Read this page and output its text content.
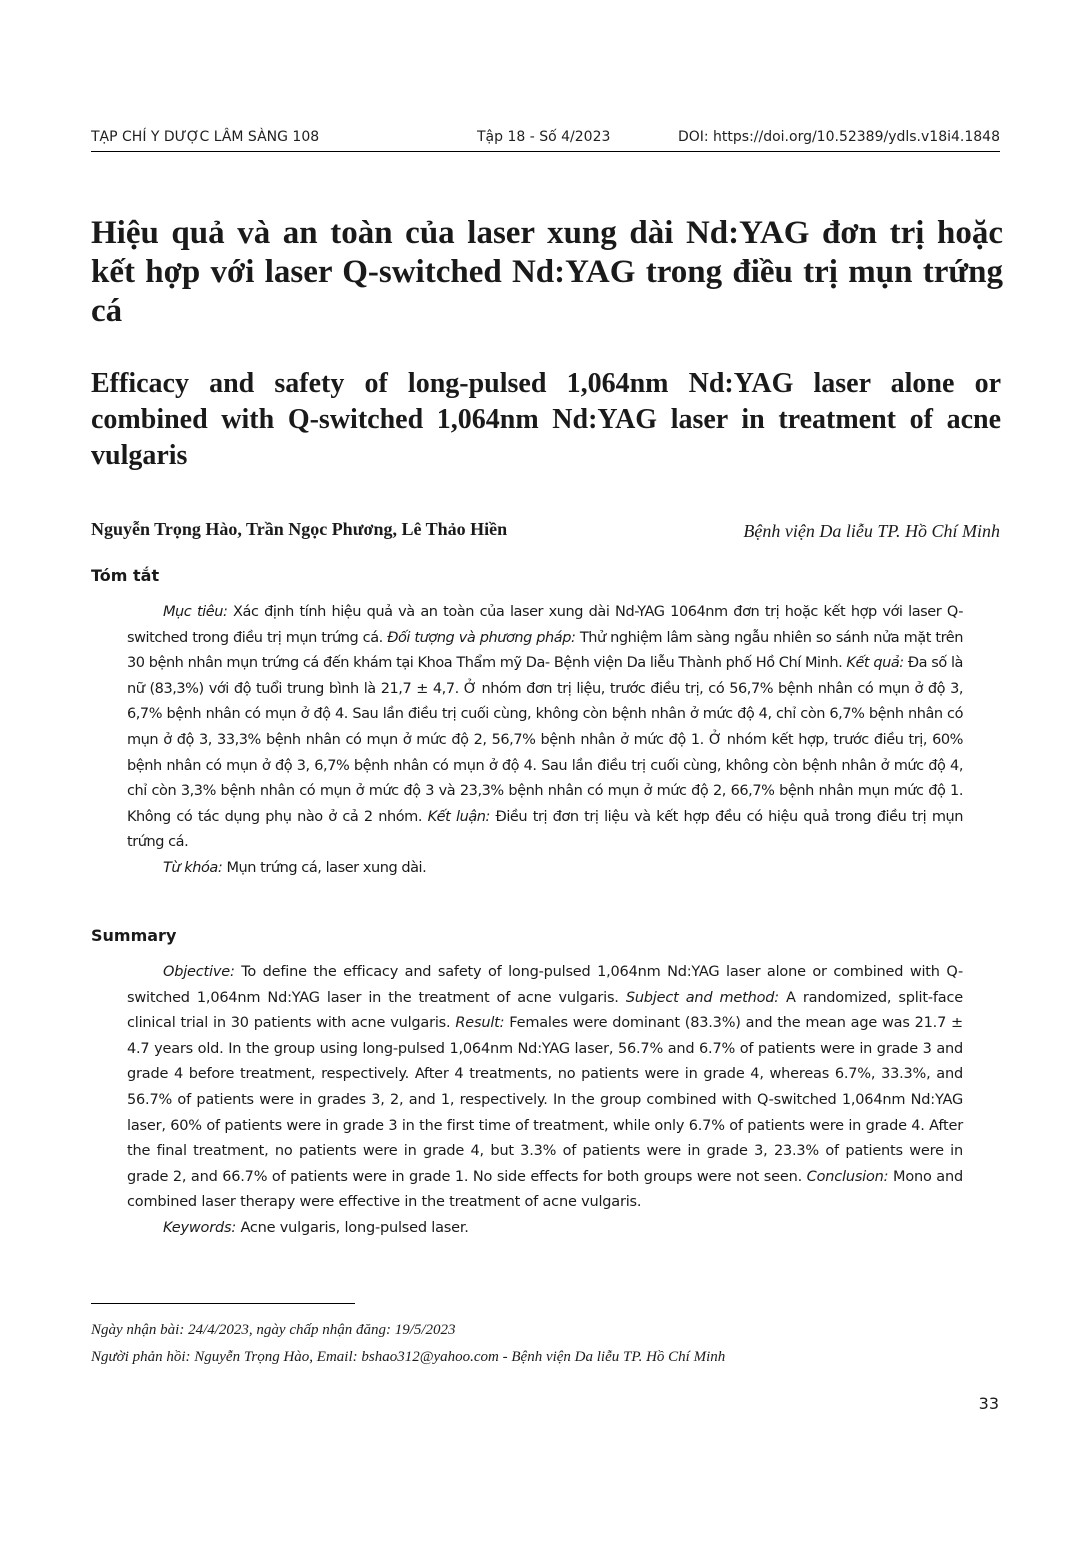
TẠP CHÍ Y DƯỢC LÂM SÀNG 108	Tập 18 - Số 4/2023	DOI: https://doi.org/10.52389/ydls.v18i4.1848
Hiệu quả và an toàn của laser xung dài Nd:YAG đơn trị hoặc kết hợp với laser Q-switched Nd:YAG trong điều trị mụn trứng cá
Efficacy and safety of long-pulsed 1,064nm Nd:YAG laser alone or combined with Q-switched 1,064nm Nd:YAG laser in treatment of acne vulgaris
Nguyễn Trọng Hào, Trần Ngọc Phương, Lê Thảo Hiền	Bệnh viện Da liễu TP. Hồ Chí Minh
Tóm tắt

Mục tiêu: Xác định tính hiệu quả và an toàn của laser xung dài Nd-YAG 1064nm đơn trị hoặc kết hợp với laser Q-switched trong điều trị mụn trứng cá. Đối tượng và phương pháp: Thử nghiệm lâm sàng ngẫu nhiên so sánh nửa mặt trên 30 bệnh nhân mụn trứng cá đến khám tại Khoa Thẩm mỹ Da- Bệnh viện Da liễu Thành phố Hồ Chí Minh. Kết quả: Đa số là nữ (83,3%) với độ tuổi trung bình là 21,7 ± 4,7. Ở nhóm đơn trị liệu, trước điều trị, có 56,7% bệnh nhân có mụn ở độ 3, 6,7% bệnh nhân có mụn ở độ 4. Sau lần điều trị cuối cùng, không còn bệnh nhân ở mức độ 4, chỉ còn 6,7% bệnh nhân có mụn ở độ 3, 33,3% bệnh nhân có mụn ở mức độ 2, 56,7% bệnh nhân ở mức độ 1. Ở nhóm kết hợp, trước điều trị, 60% bệnh nhân có mụn ở độ 3, 6,7% bệnh nhân có mụn ở độ 4. Sau lần điều trị cuối cùng, không còn bệnh nhân ở mức độ 4, chỉ còn 3,3% bệnh nhân có mụn ở mức độ 3 và 23,3% bệnh nhân có mụn ở mức độ 2, 66,7% bệnh nhân mụn mức độ 1. Không có tác dụng phụ nào ở cả 2 nhóm. Kết luận: Điều trị đơn trị liệu và kết hợp đều có hiệu quả trong điều trị mụn trứng cá.

Từ khóa: Mụn trứng cá, laser xung dài.

Summary

Objective: To define the efficacy and safety of long-pulsed 1,064nm Nd:YAG laser alone or combined with Q-switched 1,064nm Nd:YAG laser in the treatment of acne vulgaris. Subject and method: A randomized, split-face clinical trial in 30 patients with acne vulgaris. Result: Females were dominant (83.3%) and the mean age was 21.7 ± 4.7 years old. In the group using long-pulsed 1,064nm Nd:YAG laser, 56.7% and 6.7% of patients were in grade 3 and grade 4 before treatment, respectively. After 4 treatments, no patients were in grade 4, whereas 6.7%, 33.3%, and 56.7% of patients were in grades 3, 2, and 1, respectively. In the group combined with Q-switched 1,064nm Nd:YAG laser, 60% of patients were in grade 3 in the first time of treatment, while only 6.7% of patients were in grade 4. After the final treatment, no patients were in grade 4, but 3.3% of patients were in grade 3, 23.3% of patients were in grade 2, and 66.7% of patients were in grade 1. No side effects for both groups were not seen. Conclusion: Mono and combined laser therapy were effective in the treatment of acne vulgaris.

Keywords: Acne vulgaris, long-pulsed laser.

Ngày nhận bài: 24/4/2023, ngày chấp nhận đăng: 19/5/2023
Người phản hồi: Nguyễn Trọng Hào, Email: bshao312@yahoo.com - Bệnh viện Da liễu TP. Hồ Chí Minh
33
